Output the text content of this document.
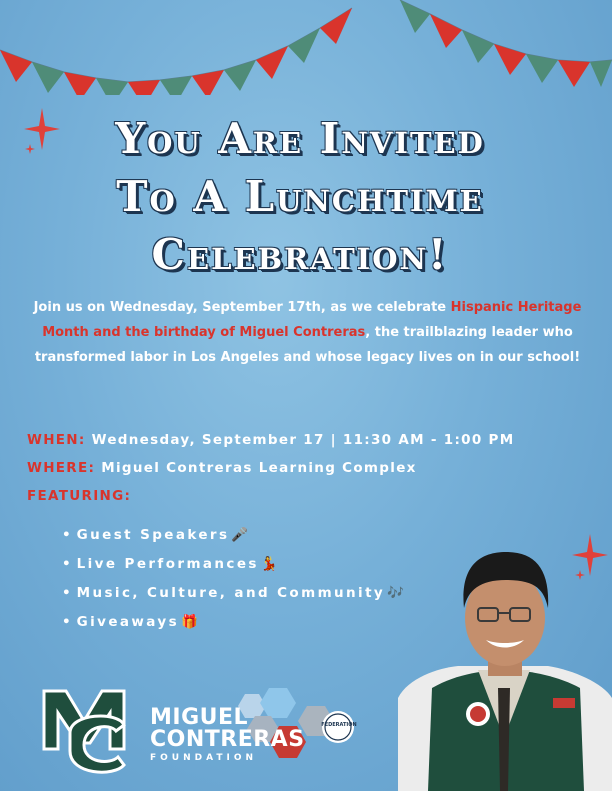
You Are Invited
To A Lunchtime
Celebration!
Join us on Wednesday, September 17th, as we celebrate Hispanic Heritage Month and the birthday of Miguel Contreras, the trailblazing leader who transformed labor in Los Angeles and whose legacy lives on in our school!
WHEN: Wednesday, September 17 | 11:30 AM - 1:00 PM
WHERE: Miguel Contreras Learning Complex
FEATURING:
• Guest Speakers 🎤
• Live Performances 💃
• Music, Culture, and Community 🎶
• Giveaways 🎁
FEDERATION
MIGUEL
CONTRERAS
FOUNDATION
